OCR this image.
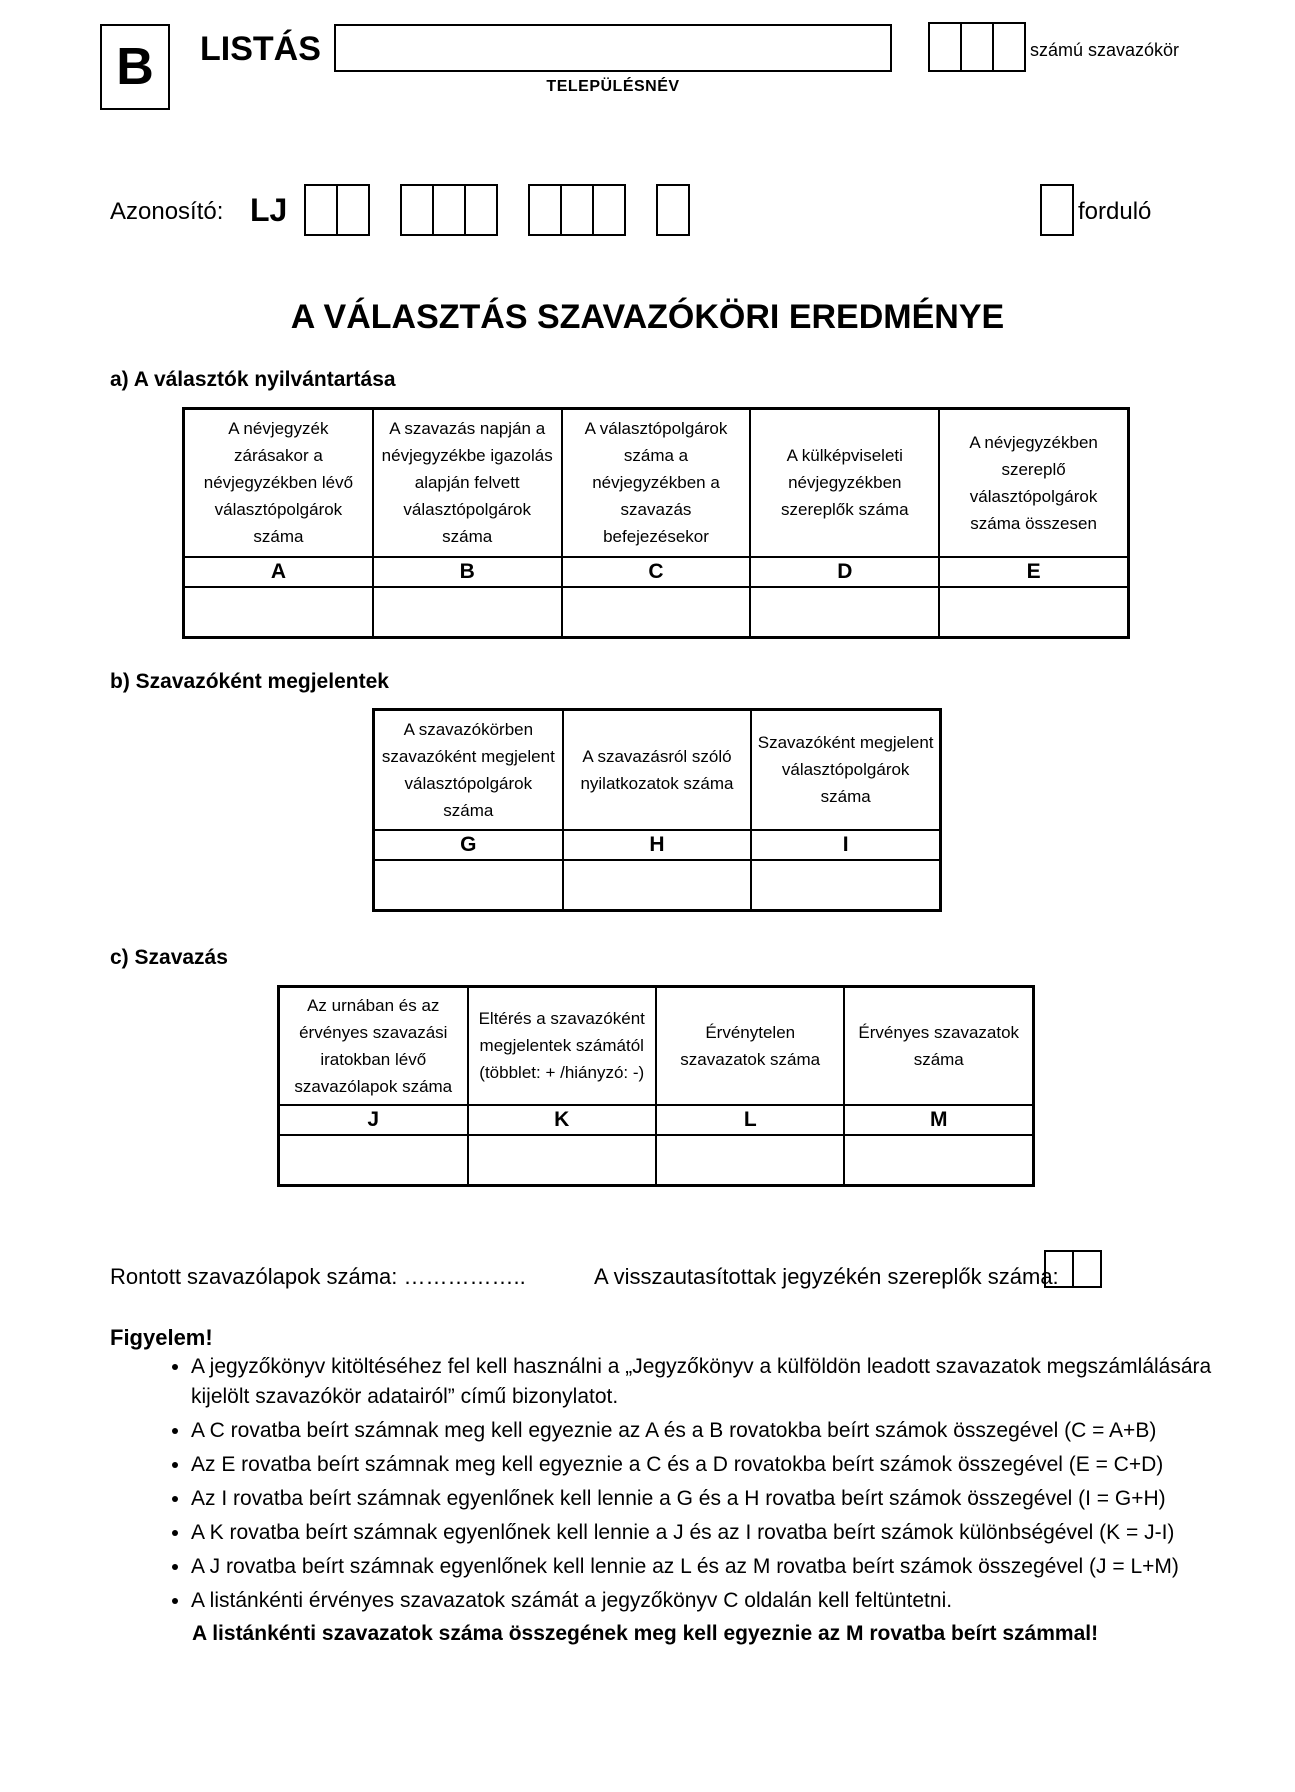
B	LISTÁS
TELEPÜLÉSNÉV
számú szavazókör
Azonosító: LJ	forduló
A VÁLASZTÁS SZAVAZÓKÖRI EREDMÉNYE
a) A választók nyilvántartása
A névjegyzék zárásakor a névjegyzékben lévő választópolgárok száma	A szavazás napján a névjegyzékbe igazolás alapján felvett választópolgárok száma	A választópolgárok száma a névjegyzékben a szavazás befejezésekor	A külképviseleti névjegyzékben szereplők száma	A névjegyzékben szereplő választópolgárok száma összesen
A	B	C	D	E

b) Szavazóként megjelentek
A szavazókörben szavazóként megjelent választópolgárok száma	A szavazásról szóló nyilatkozatok száma	Szavazóként megjelent választópolgárok száma
G	H	I

c) Szavazás
Az urnában és az érvényes szavazási iratokban lévő szavazólapok száma	Eltérés a szavazóként megjelentek számától (többlet: + /hiányzó: -)	Érvénytelen szavazatok száma	Érvényes szavazatok száma
J	K	L	M

Rontott szavazólapok száma: ……………..	A visszautasítottak jegyzékén szereplők száma:
Figyelem!
• A jegyzőkönyv kitöltéséhez fel kell használni a „Jegyzőkönyv a külföldön leadott szavazatok megszámlálására kijelölt szavazókör adatairól” című bizonylatot.
• A C rovatba beírt számnak meg kell egyeznie az A és a B rovatokba beírt számok összegével (C = A+B)
• Az E rovatba beírt számnak meg kell egyeznie a C és a D rovatokba beírt számok összegével (E = C+D)
• Az I rovatba beírt számnak egyenlőnek kell lennie a G és a H rovatba beírt számok összegével (I = G+H)
• A K rovatba beírt számnak egyenlőnek kell lennie a J és az I rovatba beírt számok különbségével (K = J-I)
• A J rovatba beírt számnak egyenlőnek kell lennie az L és az M rovatba beírt számok összegével (J = L+M)
• A listánkénti érvényes szavazatok számát a jegyzőkönyv C oldalán kell feltüntetni.
A listánkénti szavazatok száma összegének meg kell egyeznie az M rovatba beírt számmal!
